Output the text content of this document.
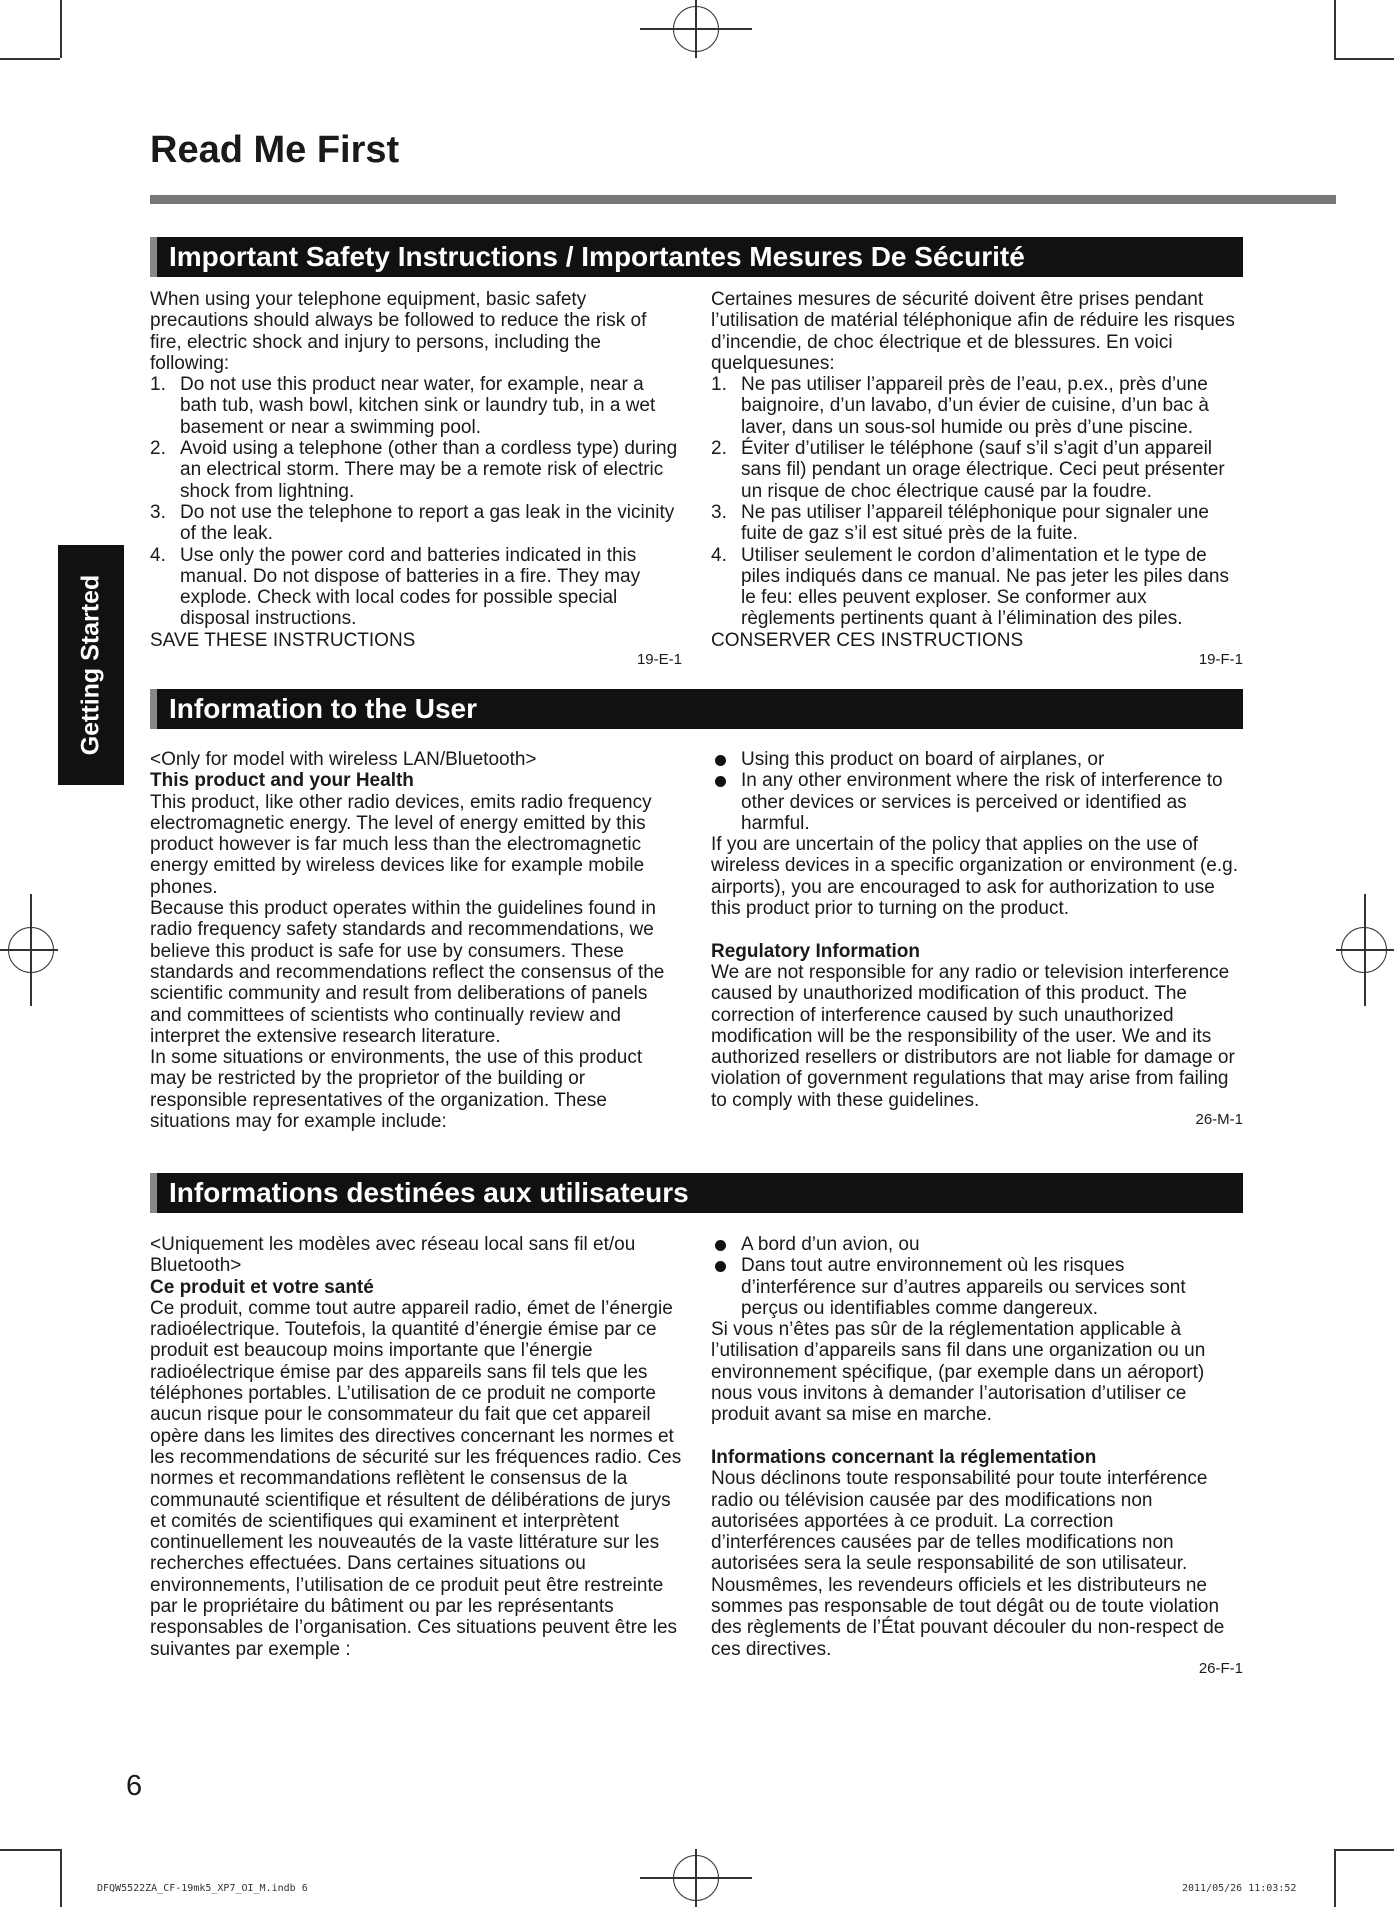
Read Me First
Getting Started
Important Safety Instructions / Importantes Mesures De Sécurité

When using your telephone equipment, basic safety precautions should always be followed to reduce the risk of fire, electric shock and injury to persons, including the following:

1. Do not use this product near water, for example, near a bath tub, wash bowl, kitchen sink or laundry tub, in a wet basement or near a swimming pool.
2. Avoid using a telephone (other than a cordless type) during an electrical storm. There may be a remote risk of electric shock from lightning.
3. Do not use the telephone to report a gas leak in the vicinity of the leak.
4. Use only the power cord and batteries indicated in this manual. Do not dispose of batteries in a fire. They may explode. Check with local codes for possible special disposal instructions.

SAVE THESE INSTRUCTIONS

19-E-1

Certaines mesures de sécurité doivent être prises pendant l’utilisation de matérial téléphonique afin de réduire les risques d’incendie, de choc électrique et de blessures. En voici quelquesunes:

1. Ne pas utiliser l’appareil près de l’eau, p.ex., près d’une baignoire, d’un lavabo, d’un évier de cuisine, d’un bac à laver, dans un sous-sol humide ou près d’une piscine.
2. Éviter d’utiliser le téléphone (sauf s’il s’agit d’un appareil sans fil) pendant un orage électrique. Ceci peut présenter un risque de choc électrique causé par la foudre.
3. Ne pas utiliser l’appareil téléphonique pour signaler une fuite de gaz s’il est situé près de la fuite.
4. Utiliser seulement le cordon d’alimentation et le type de piles indiqués dans ce manual. Ne pas jeter les piles dans le feu: elles peuvent exploser. Se conformer aux règlements pertinents quant à l’élimination des piles.

CONSERVER CES INSTRUCTIONS

19-F-1
Information to the User

<Only for model with wireless LAN/Bluetooth>

This product and your Health

This product, like other radio devices, emits radio frequency electromagnetic energy. The level of energy emitted by this product however is far much less than the electromagnetic energy emitted by wireless devices like for example mobile phones.

Because this product operates within the guidelines found in radio frequency safety standards and recommendations, we believe this product is safe for use by consumers. These standards and recommendations reflect the consensus of the scientific community and result from deliberations of panels and committees of scientists who continually review and interpret the extensive research literature.

In some situations or environments, the use of this product may be restricted by the proprietor of the building or responsible representatives of the organization. These situations may for example include:

Using this product on board of airplanes, or
In any other environment where the risk of interference to other devices or services is perceived or identified as harmful.

If you are uncertain of the policy that applies on the use of wireless devices in a specific organization or environment (e.g. airports), you are encouraged to ask for authorization to use this product prior to turning on the product.

Regulatory Information

We are not responsible for any radio or television interference caused by unauthorized modification of this product. The correction of interference caused by such unauthorized modification will be the responsibility of the user. We and its authorized resellers or distributors are not liable for damage or violation of government regulations that may arise from failing to comply with these guidelines.

26-M-1
Informations destinées aux utilisateurs

<Uniquement les modèles avec réseau local sans fil et/ou Bluetooth>

Ce produit et votre santé

Ce produit, comme tout autre appareil radio, émet de l’énergie radioélectrique. Toutefois, la quantité d’énergie émise par ce produit est beaucoup moins importante que l’énergie radioélectrique émise par des appareils sans fil tels que les téléphones portables. L’utilisation de ce produit ne comporte aucun risque pour le consommateur du fait que cet appareil opère dans les limites des directives concernant les normes et les recommendations de sécurité sur les fréquences radio. Ces normes et recommandations reflètent le consensus de la communauté scientifique et résultent de délibérations de jurys et comités de scientifiques qui examinent et interprètent continuellement les nouveautés de la vaste littérature sur les recherches effectuées. Dans certaines situations ou environnements, l’utilisation de ce produit peut être restreinte par le propriétaire du bâtiment ou par les représentants responsables de l’organisation. Ces situations peuvent être les suivantes par exemple :

A bord d’un avion, ou
Dans tout autre environnement où les risques d’interférence sur d’autres appareils ou services sont perçus ou identifiables comme dangereux.

Si vous n’êtes pas sûr de la réglementation applicable à l’utilisation d’appareils sans fil dans une organization ou un environnement spécifique, (par exemple dans un aéroport) nous vous invitons à demander l’autorisation d’utiliser ce produit avant sa mise en marche.

Informations concernant la réglementation

Nous déclinons toute responsabilité pour toute interférence radio ou télévision causée par des modifications non autorisées apportées à ce produit. La correction d’interférences causées par de telles modifications non autorisées sera la seule responsabilité de son utilisateur. Nousmêmes, les revendeurs officiels et les distributeurs ne sommes pas responsable de tout dégât ou de toute violation des règlements de l’État pouvant découler du non-respect de ces directives.

26-F-1
6
DFQW5522ZA_CF-19mk5_XP7_OI_M.indb 6	2011/05/26 11:03:52
